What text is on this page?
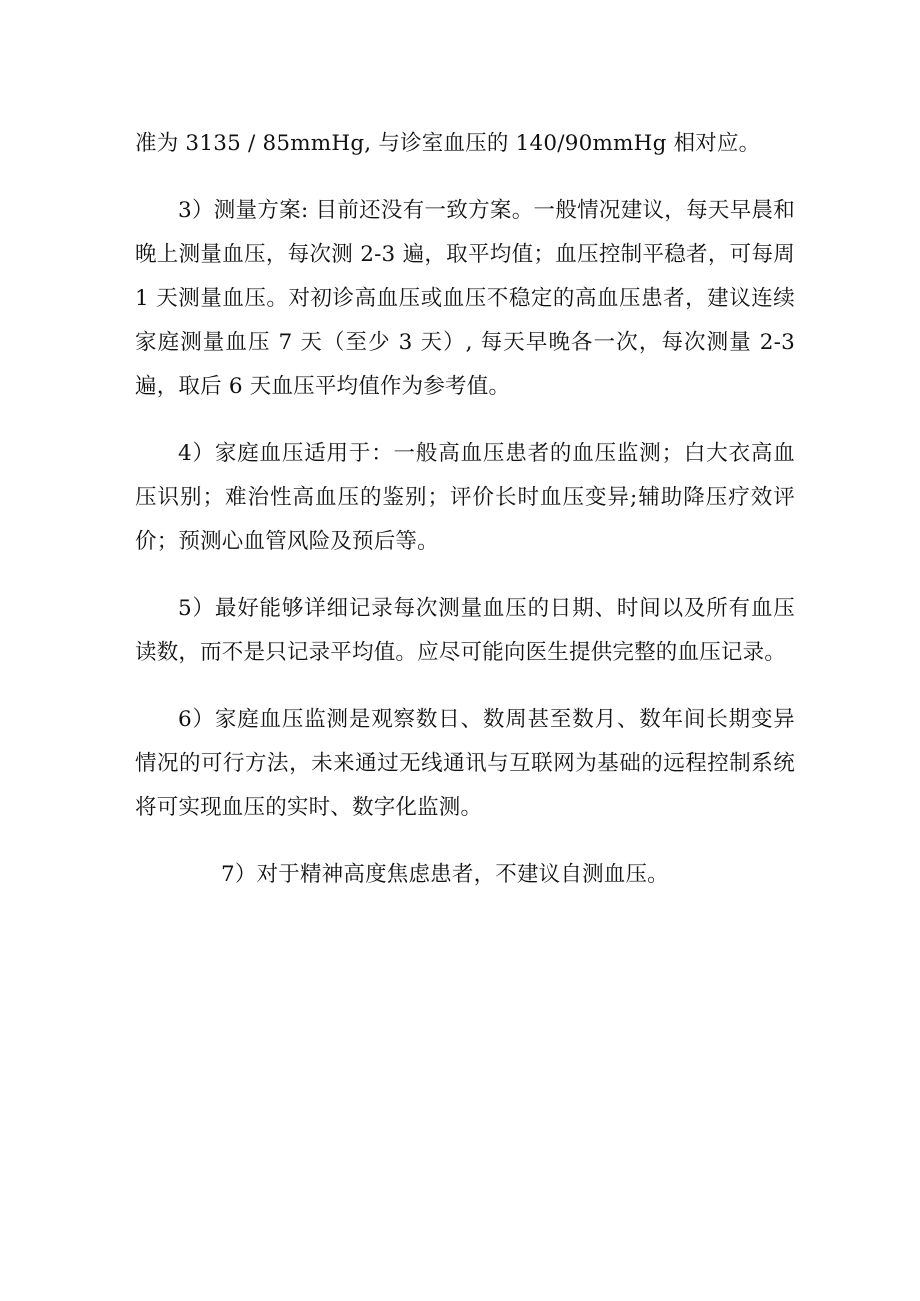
准为 3135 / 85mmHg, 与诊室血压的 140/90mmHg 相对应。

3）测量方案: 目前还没有一致方案。一般情况建议，每天早晨和晚上测量血压，每次测 2-3 遍，取平均值；血压控制平稳者，可每周 1 天测量血压。对初诊高血压或血压不稳定的高血压患者，建议连续家庭测量血压 7 天（至少 3 天）, 每天早晚各一次，每次测量 2-3 遍，取后 6 天血压平均值作为参考值。

4）家庭血压适用于：一般高血压患者的血压监测；白大衣高血压识别；难治性高血压的鉴别；评价长时血压变异;辅助降压疗效评价；预测心血管风险及预后等。

5）最好能够详细记录每次测量血压的日期、时间以及所有血压读数，而不是只记录平均值。应尽可能向医生提供完整的血压记录。

6）家庭血压监测是观察数日、数周甚至数月、数年间长期变异情况的可行方法，未来通过无线通讯与互联网为基础的远程控制系统将可实现血压的实时、数字化监测。

7）对于精神高度焦虑患者，不建议自测血压。
